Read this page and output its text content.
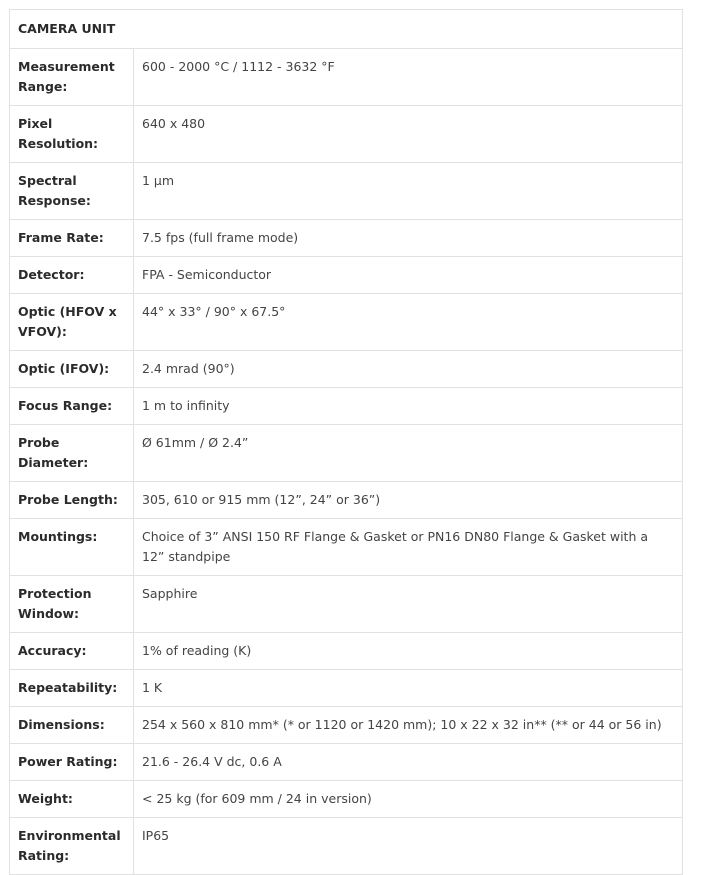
CAMERA UNIT	
Measurement Range:	600 - 2000 °C / 1112 - 3632 °F
Pixel Resolution:	640 x 480
Spectral Response:	1 µm
Frame Rate:	7.5 fps (full frame mode)
Detector:	FPA - Semiconductor
Optic (HFOV x VFOV):	44° x 33° / 90° x 67.5°
Optic (IFOV):	2.4 mrad (90°)
Focus Range:	1 m to infinity
Probe Diameter:	Ø 61mm / Ø 2.4”
Probe Length:	305, 610 or 915 mm (12”, 24” or 36”)
Mountings:	Choice of 3” ANSI 150 RF Flange & Gasket or PN16 DN80 Flange & Gasket with a 12” standpipe
Protection Window:	Sapphire
Accuracy:	1% of reading (K)
Repeatability:	1 K
Dimensions:	254 x 560 x 810 mm* (* or 1120 or 1420 mm); 10 x 22 x 32 in** (** or 44 or 56 in)
Power Rating:	21.6 - 26.4 V dc, 0.6 A
Weight:	< 25 kg (for 609 mm / 24 in version)
Environmental Rating:	IP65
